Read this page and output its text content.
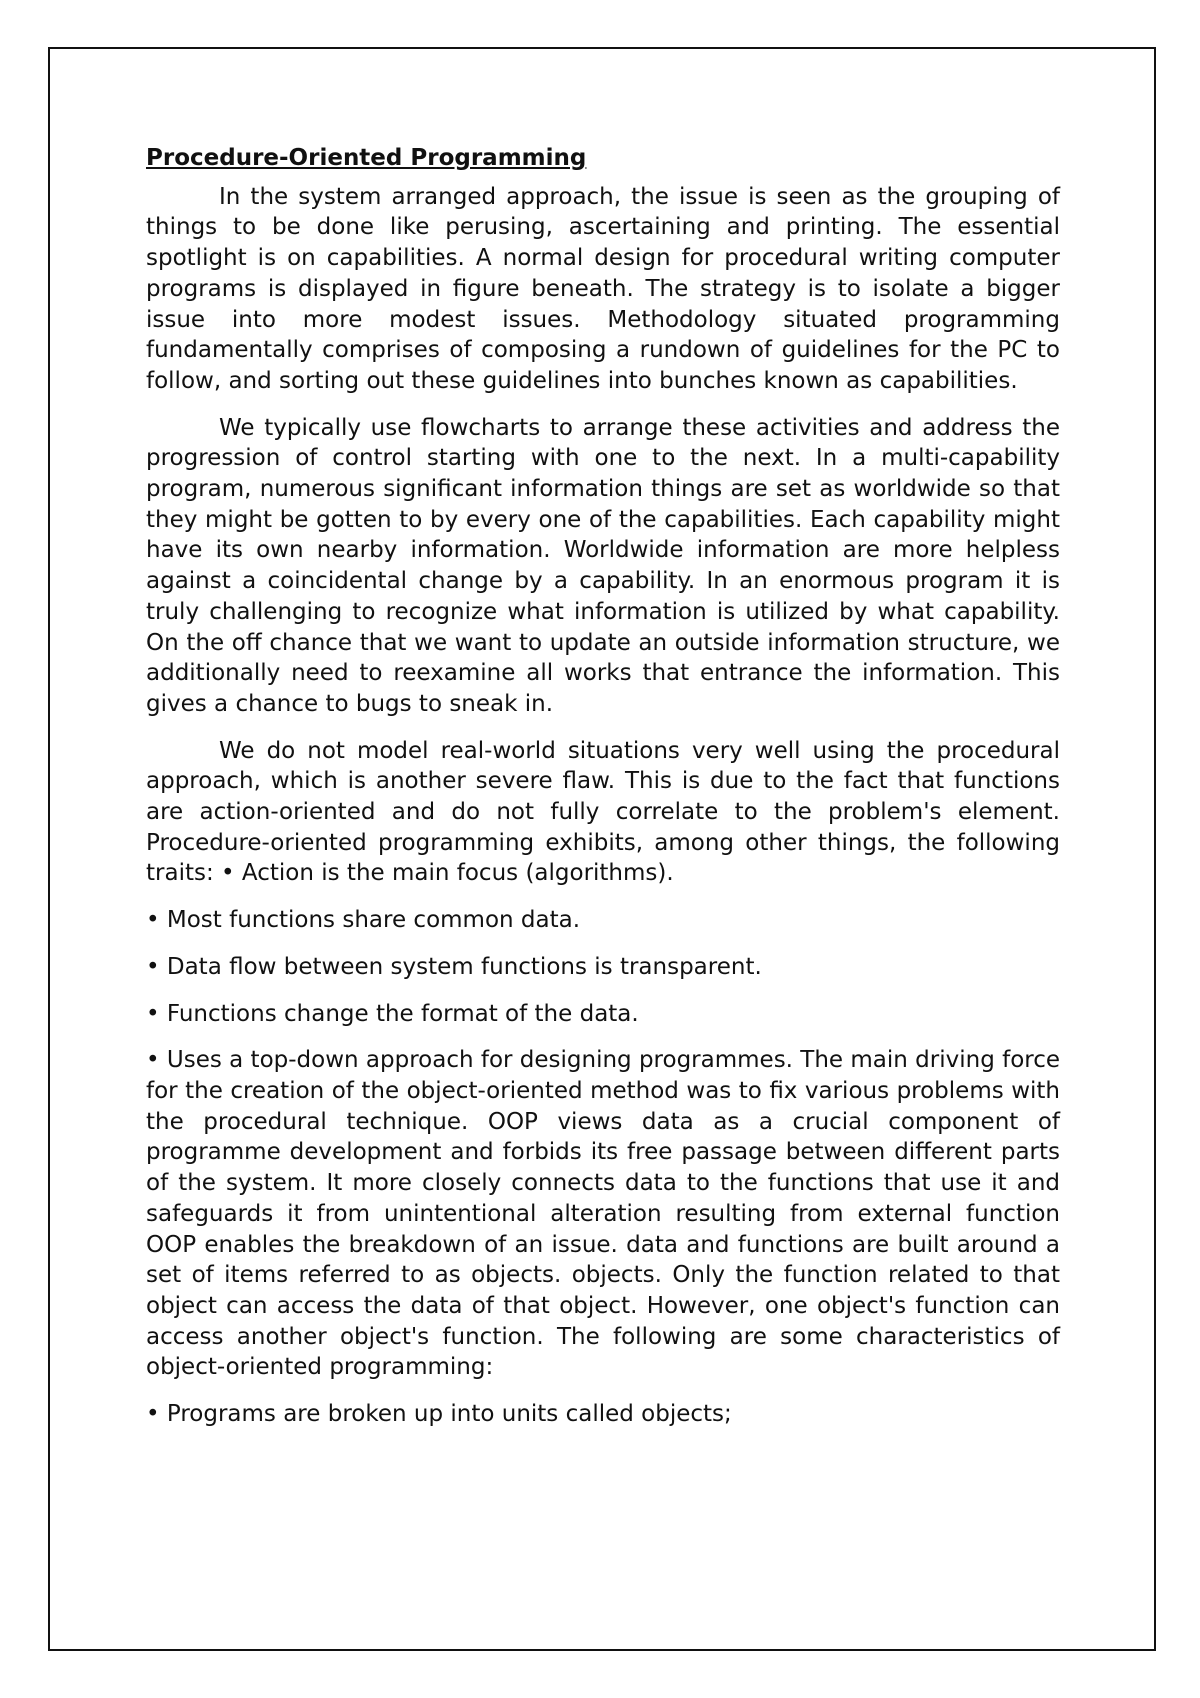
Procedure-Oriented Programming

In the system arranged approach, the issue is seen as the grouping of things to be done like perusing, ascertaining and printing. The essential spotlight is on capabilities. A normal design for procedural writing computer programs is displayed in figure beneath. The strategy is to isolate a bigger issue into more modest issues. Methodology situated programming fundamentally comprises of composing a rundown of guidelines for the PC to follow, and sorting out these guidelines into bunches known as capabilities.

We typically use flowcharts to arrange these activities and address the progression of control starting with one to the next. In a multi-capability program, numerous significant information things are set as worldwide so that they might be gotten to by every one of the capabilities. Each capability might have its own nearby information. Worldwide information are more helpless against a coincidental change by a capability. In an enormous program it is truly challenging to recognize what information is utilized by what capability. On the off chance that we want to update an outside information structure, we additionally need to reexamine all works that entrance the information. This gives a chance to bugs to sneak in.

We do not model real-world situations very well using the procedural approach, which is another severe flaw. This is due to the fact that functions are action-oriented and do not fully correlate to the problem's element. Procedure-oriented programming exhibits, among other things, the following traits: • Action is the main focus (algorithms).

• Most functions share common data.

• Data flow between system functions is transparent.

• Functions change the format of the data.

• Uses a top-down approach for designing programmes. The main driving force for the creation of the object-oriented method was to fix various problems with the procedural technique. OOP views data as a crucial component of programme development and forbids its free passage between different parts of the system. It more closely connects data to the functions that use it and safeguards it from unintentional alteration resulting from external function OOP enables the breakdown of an issue. data and functions are built around a set of items referred to as objects. objects. Only the function related to that object can access the data of that object. However, one object's function can access another object's function. The following are some characteristics of object-oriented programming:

• Programs are broken up into units called objects;
